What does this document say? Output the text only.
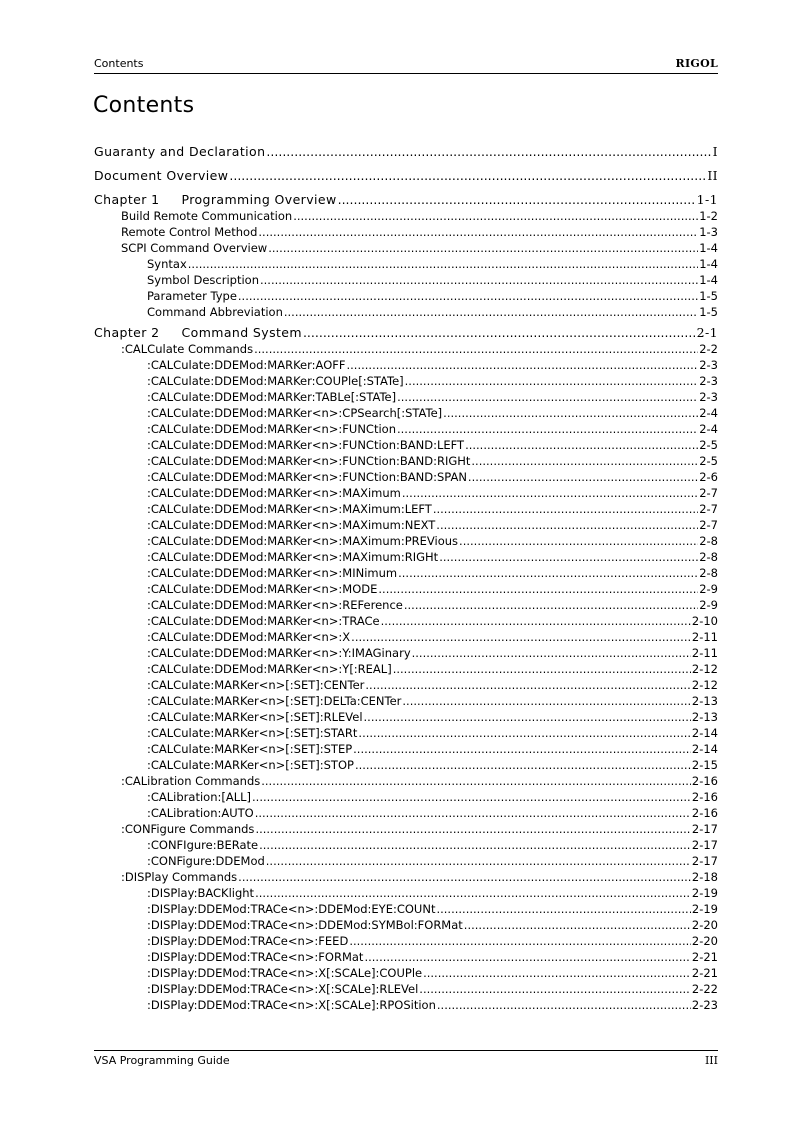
Contents	RIGOL
Contents
Guaranty and Declaration .....	I
Document Overview .....	II
Chapter 1 Programming Overview .....	1-1
Build Remote Communication .....	1-2
Remote Control Method .....	1-3
SCPI Command Overview .....	1-4
Syntax .....	1-4
Symbol Description .....	1-4
Parameter Type .....	1-5
Command Abbreviation .....	1-5
Chapter 2 Command System .....	2-1
:CALCulate Commands .....	2-2
:CALCulate:DDEMod:MARKer:AOFF .....	2-3
:CALCulate:DDEMod:MARKer:COUPle[:STATe] .....	2-3
:CALCulate:DDEMod:MARKer:TABLe[:STATe] .....	2-3
:CALCulate:DDEMod:MARKer<n>:CPSearch[:STATe] .....	2-4
:CALCulate:DDEMod:MARKer<n>:FUNCtion .....	2-4
:CALCulate:DDEMod:MARKer<n>:FUNCtion:BAND:LEFT .....	2-5
:CALCulate:DDEMod:MARKer<n>:FUNCtion:BAND:RIGHt .....	2-5
:CALCulate:DDEMod:MARKer<n>:FUNCtion:BAND:SPAN .....	2-6
:CALCulate:DDEMod:MARKer<n>:MAXimum .....	2-7
:CALCulate:DDEMod:MARKer<n>:MAXimum:LEFT .....	2-7
:CALCulate:DDEMod:MARKer<n>:MAXimum:NEXT .....	2-7
:CALCulate:DDEMod:MARKer<n>:MAXimum:PREVious .....	2-8
:CALCulate:DDEMod:MARKer<n>:MAXimum:RIGHt .....	2-8
:CALCulate:DDEMod:MARKer<n>:MINimum .....	2-8
:CALCulate:DDEMod:MARKer<n>:MODE .....	2-9
:CALCulate:DDEMod:MARKer<n>:REFerence .....	2-9
:CALCulate:DDEMod:MARKer<n>:TRACe .....	2-10
:CALCulate:DDEMod:MARKer<n>:X .....	2-11
:CALCulate:DDEMod:MARKer<n>:Y:IMAGinary .....	2-11
:CALCulate:DDEMod:MARKer<n>:Y[:REAL] .....	2-12
:CALCulate:MARKer<n>[:SET]:CENTer .....	2-12
:CALCulate:MARKer<n>[:SET]:DELTa:CENTer .....	2-13
:CALCulate:MARKer<n>[:SET]:RLEVel .....	2-13
:CALCulate:MARKer<n>[:SET]:STARt .....	2-14
:CALCulate:MARKer<n>[:SET]:STEP .....	2-14
:CALCulate:MARKer<n>[:SET]:STOP .....	2-15
:CALibration Commands .....	2-16
:CALibration:[ALL] .....	2-16
:CALibration:AUTO .....	2-16
:CONFigure Commands .....	2-17
:CONFIgure:BERate .....	2-17
:CONFigure:DDEMod .....	2-17
:DISPlay Commands .....	2-18
:DISPlay:BACKlight .....	2-19
:DISPlay:DDEMod:TRACe<n>:DDEMod:EYE:COUNt .....	2-19
:DISPlay:DDEMod:TRACe<n>:DDEMod:SYMBol:FORMat .....	2-20
:DISPlay:DDEMod:TRACe<n>:FEED .....	2-20
:DISPlay:DDEMod:TRACe<n>:FORMat .....	2-21
:DISPlay:DDEMod:TRACe<n>:X[:SCALe]:COUPle .....	2-21
:DISPlay:DDEMod:TRACe<n>:X[:SCALe]:RLEVel .....	2-22
:DISPlay:DDEMod:TRACe<n>:X[:SCALe]:RPOSition .....	2-23
VSA Programming Guide	III
